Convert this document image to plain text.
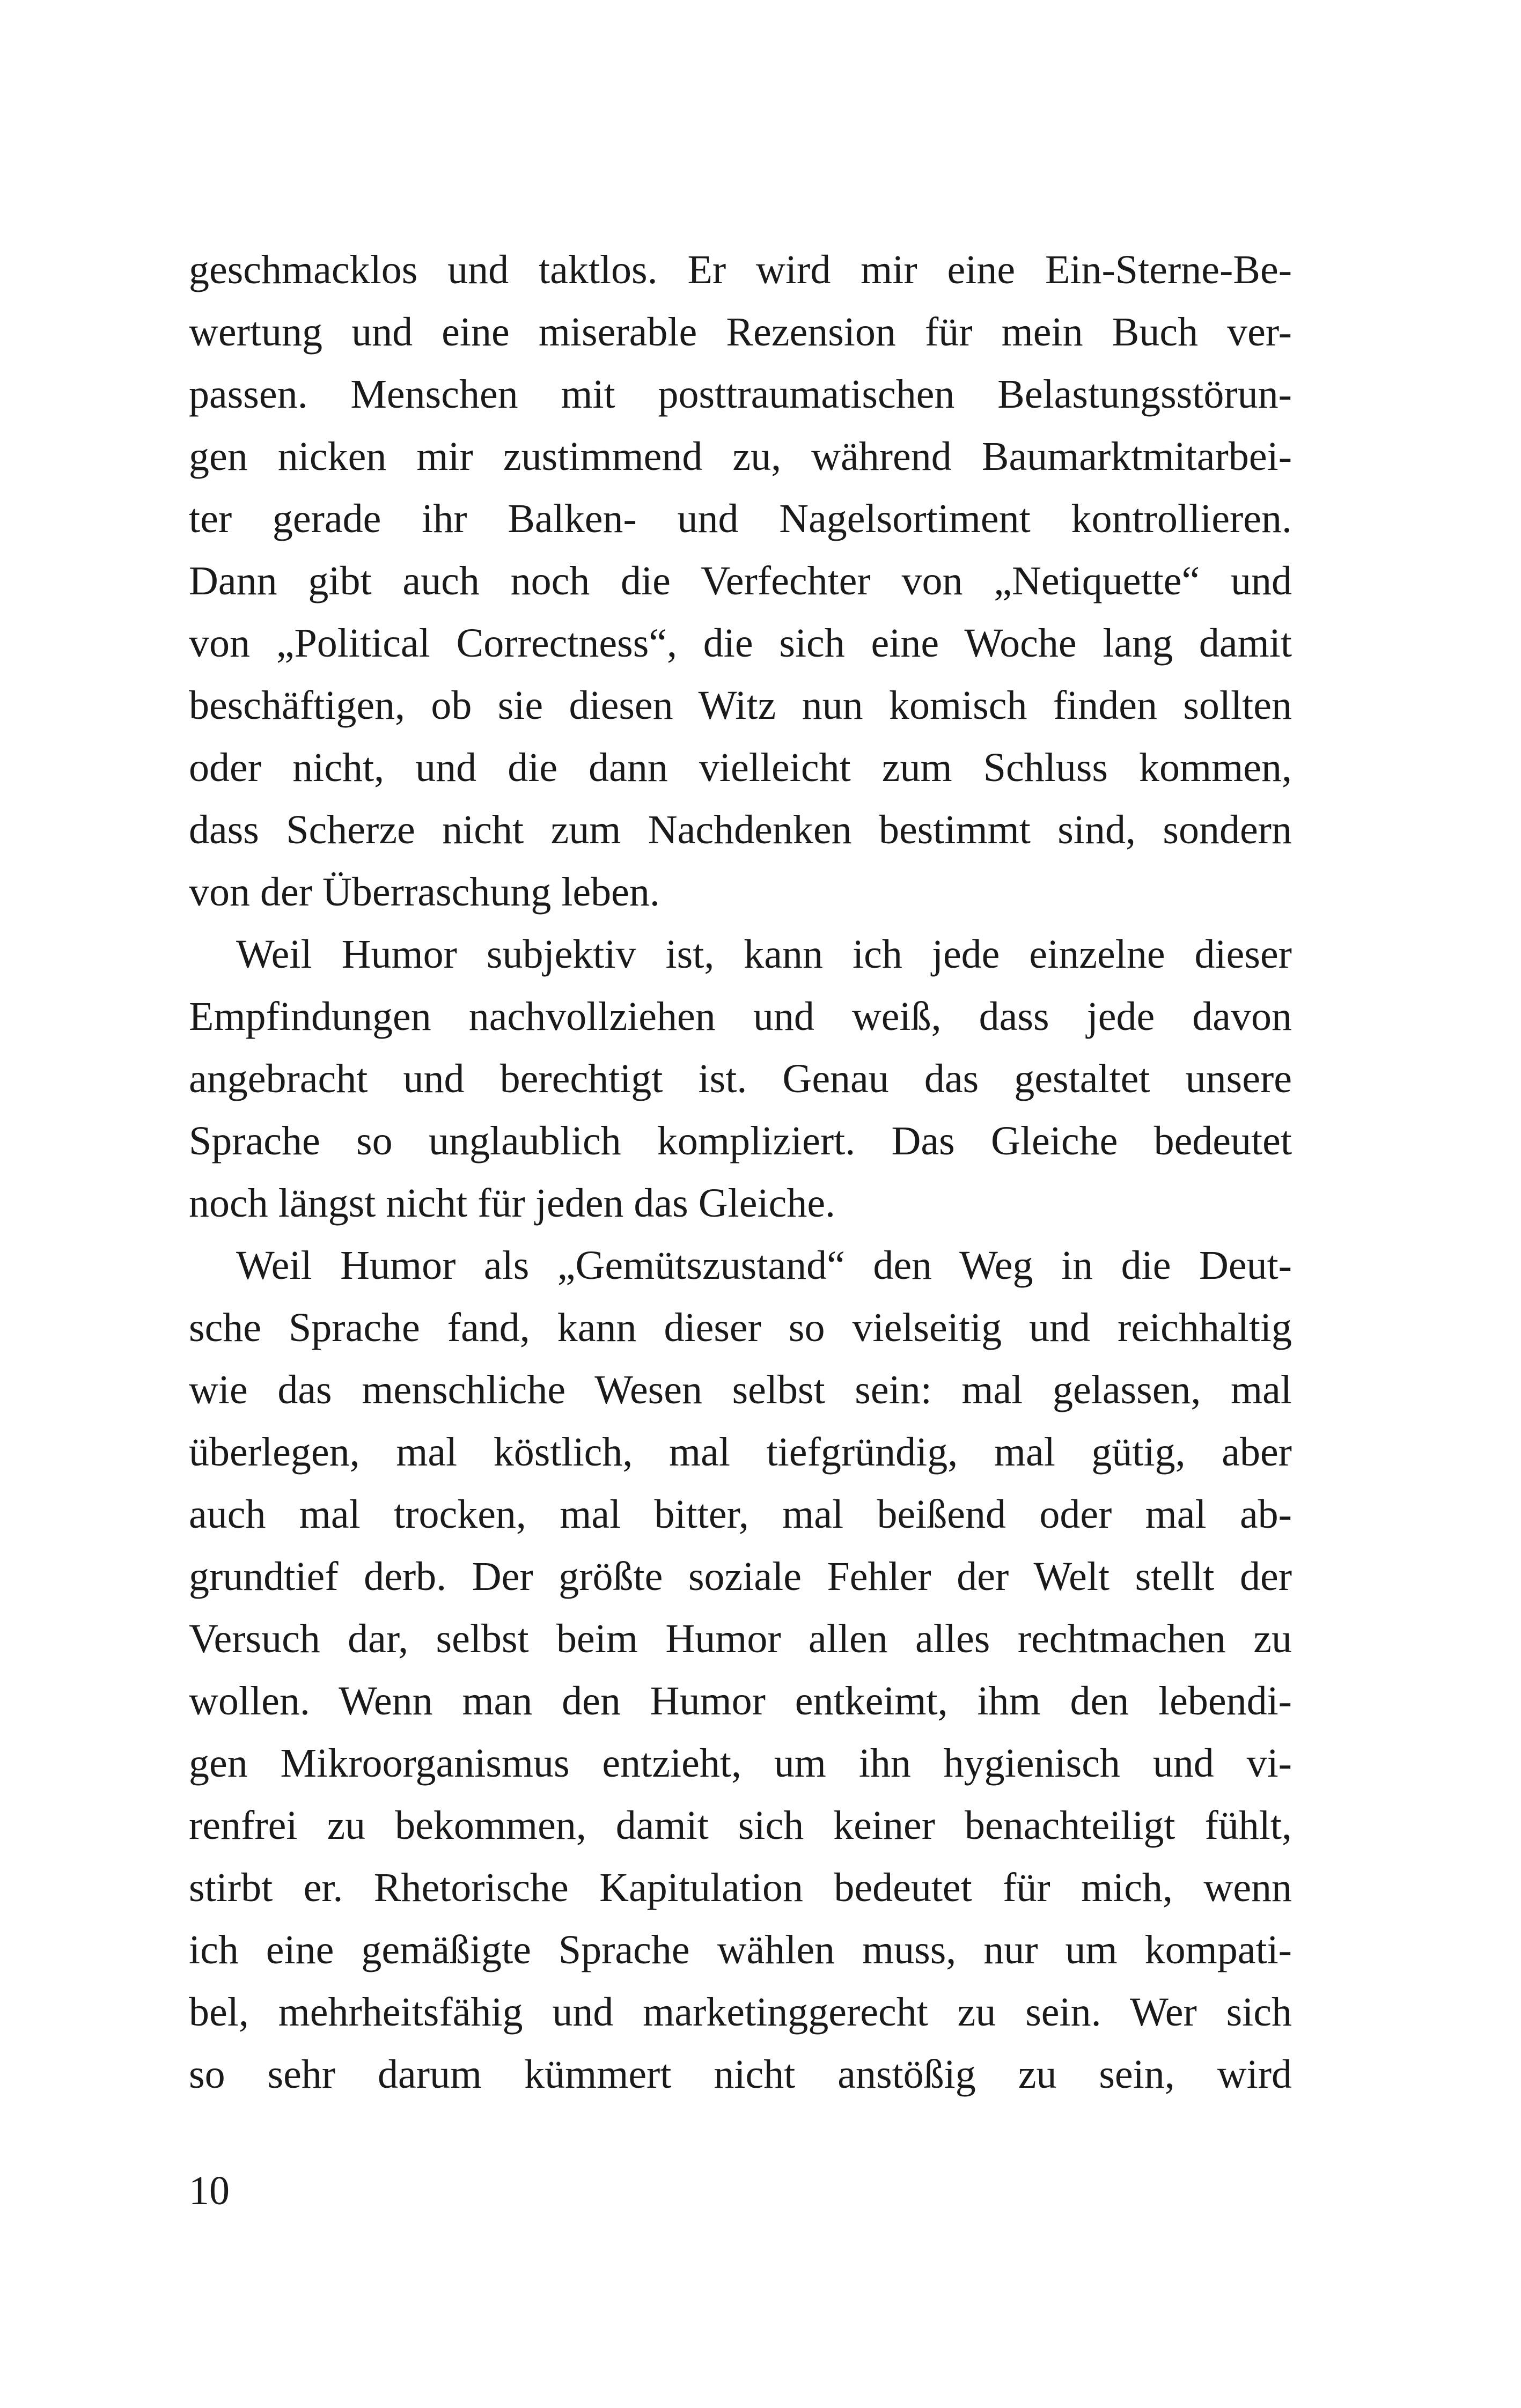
geschmacklos und taktlos. Er wird mir eine Ein-Sterne-Be-
wertung und eine miserable Rezension für mein Buch ver-
passen. Menschen mit posttraumatischen Belastungsstörun-
gen nicken mir zustimmend zu, während Baumarktmitarbei-
ter gerade ihr Balken- und Nagelsortiment kontrollieren.
Dann gibt auch noch die Verfechter von „Netiquette“ und
von „Political Correctness“, die sich eine Woche lang damit
beschäftigen, ob sie diesen Witz nun komisch finden sollten
oder nicht, und die dann vielleicht zum Schluss kommen,
dass Scherze nicht zum Nachdenken bestimmt sind, sondern
von der Überraschung leben.
Weil Humor subjektiv ist, kann ich jede einzelne dieser
Empfindungen nachvollziehen und weiß, dass jede davon
angebracht und berechtigt ist. Genau das gestaltet unsere
Sprache so unglaublich kompliziert. Das Gleiche bedeutet
noch längst nicht für jeden das Gleiche.
Weil Humor als „Gemütszustand“ den Weg in die Deut-
sche Sprache fand, kann dieser so vielseitig und reichhaltig
wie das menschliche Wesen selbst sein: mal gelassen, mal
überlegen, mal köstlich, mal tiefgründig, mal gütig, aber
auch mal trocken, mal bitter, mal beißend oder mal ab-
grundtief derb. Der größte soziale Fehler der Welt stellt der
Versuch dar, selbst beim Humor allen alles rechtmachen zu
wollen. Wenn man den Humor entkeimt, ihm den lebendi-
gen Mikroorganismus entzieht, um ihn hygienisch und vi-
renfrei zu bekommen, damit sich keiner benachteiligt fühlt,
stirbt er. Rhetorische Kapitulation bedeutet für mich, wenn
ich eine gemäßigte Sprache wählen muss, nur um kompati-
bel, mehrheitsfähig und marketinggerecht zu sein. Wer sich
so sehr darum kümmert nicht anstößig zu sein, wird
10
